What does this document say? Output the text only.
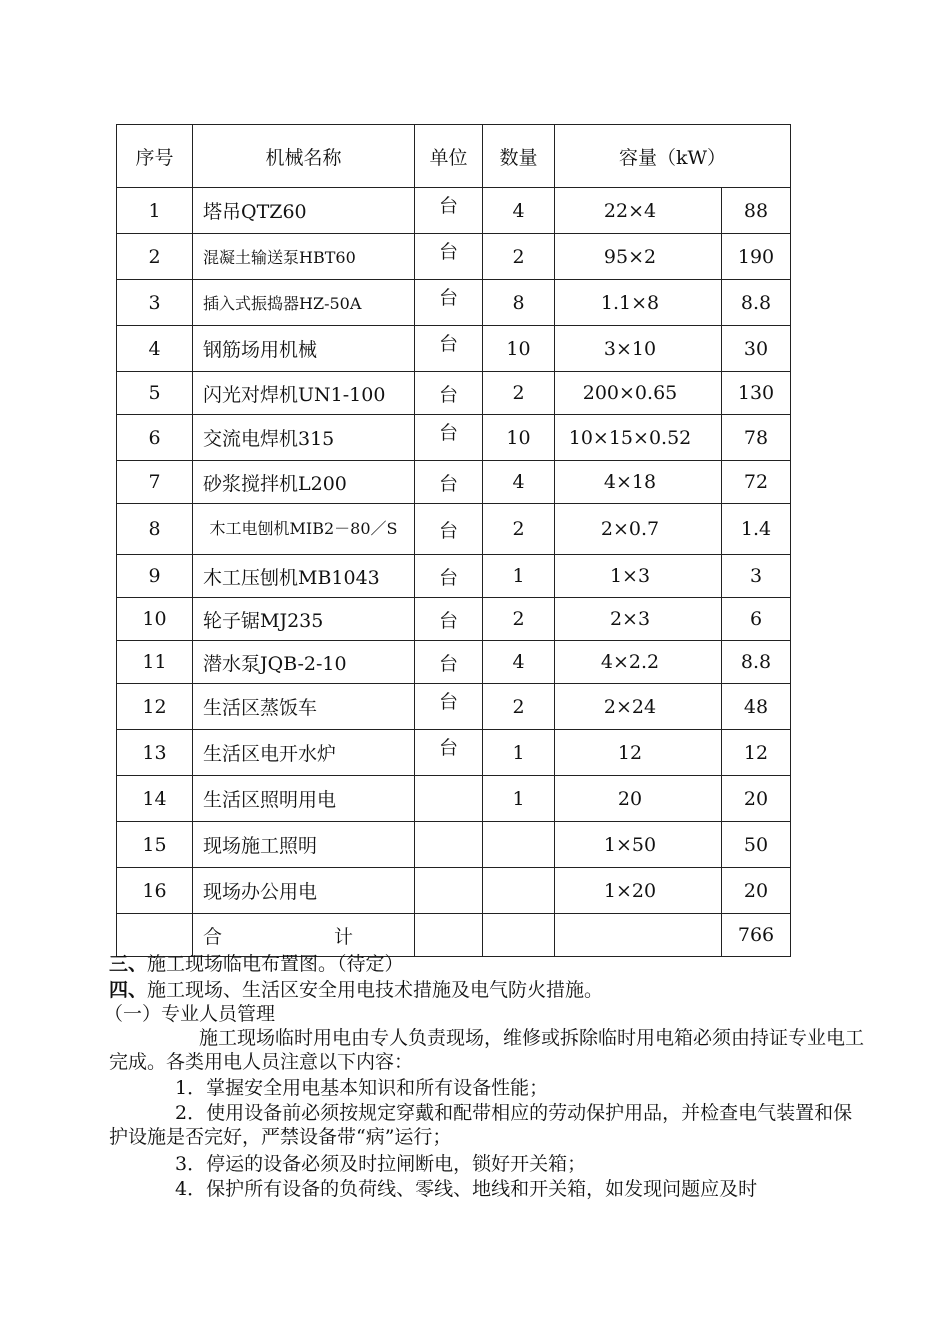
序号	机械名称	单位	数量	容量（kW）	
1	塔吊QTZ60	台	4	22×4	88
2	混凝土输送泵HBT60	台	2	95×2	190
3	插入式振捣器HZ-50A	台	8	1.1×8	8.8
4	钢筋场用机械	台	10	3×10	30
5	闪光对焊机UN1-100	台	2	200×0.65	130
6	交流电焊机315	台	10	10×15×0.52	78
7	砂浆搅拌机L200	台	4	4×18	72
8	木工电刨机MIB2－80／S	台	2	2×0.7	1.4
9	木工压刨机MB1043	台	1	1×3	3
10	轮子锯MJ235	台	2	2×3	6
11	潜水泵JQB-2-10	台	4	4×2.2	8.8
12	生活区蒸饭车	台	2	2×24	48
13	生活区电开水炉	台	1	12	12
14	生活区照明用电		1	20	20
15	现场施工照明			1×50	50
16	现场办公用电			1×20	20
	合 计				766

三、施工现场临电布置图。（待定）

四、施工现场、生活区安全用电技术措施及电气防火措施。

（一）专业人员管理

施工现场临时用电由专人负责现场，维修或拆除临时用电箱必须由持证专业电工完成。各类用电人员注意以下内容：

1．掌握安全用电基本知识和所有设备性能；

2．使用设备前必须按规定穿戴和配带相应的劳动保护用品，并检查电气装置和保护设施是否完好，严禁设备带“病”运行；

3．停运的设备必须及时拉闸断电，锁好开关箱；

4．保护所有设备的负荷线、零线、地线和开关箱，如发现问题应及时
